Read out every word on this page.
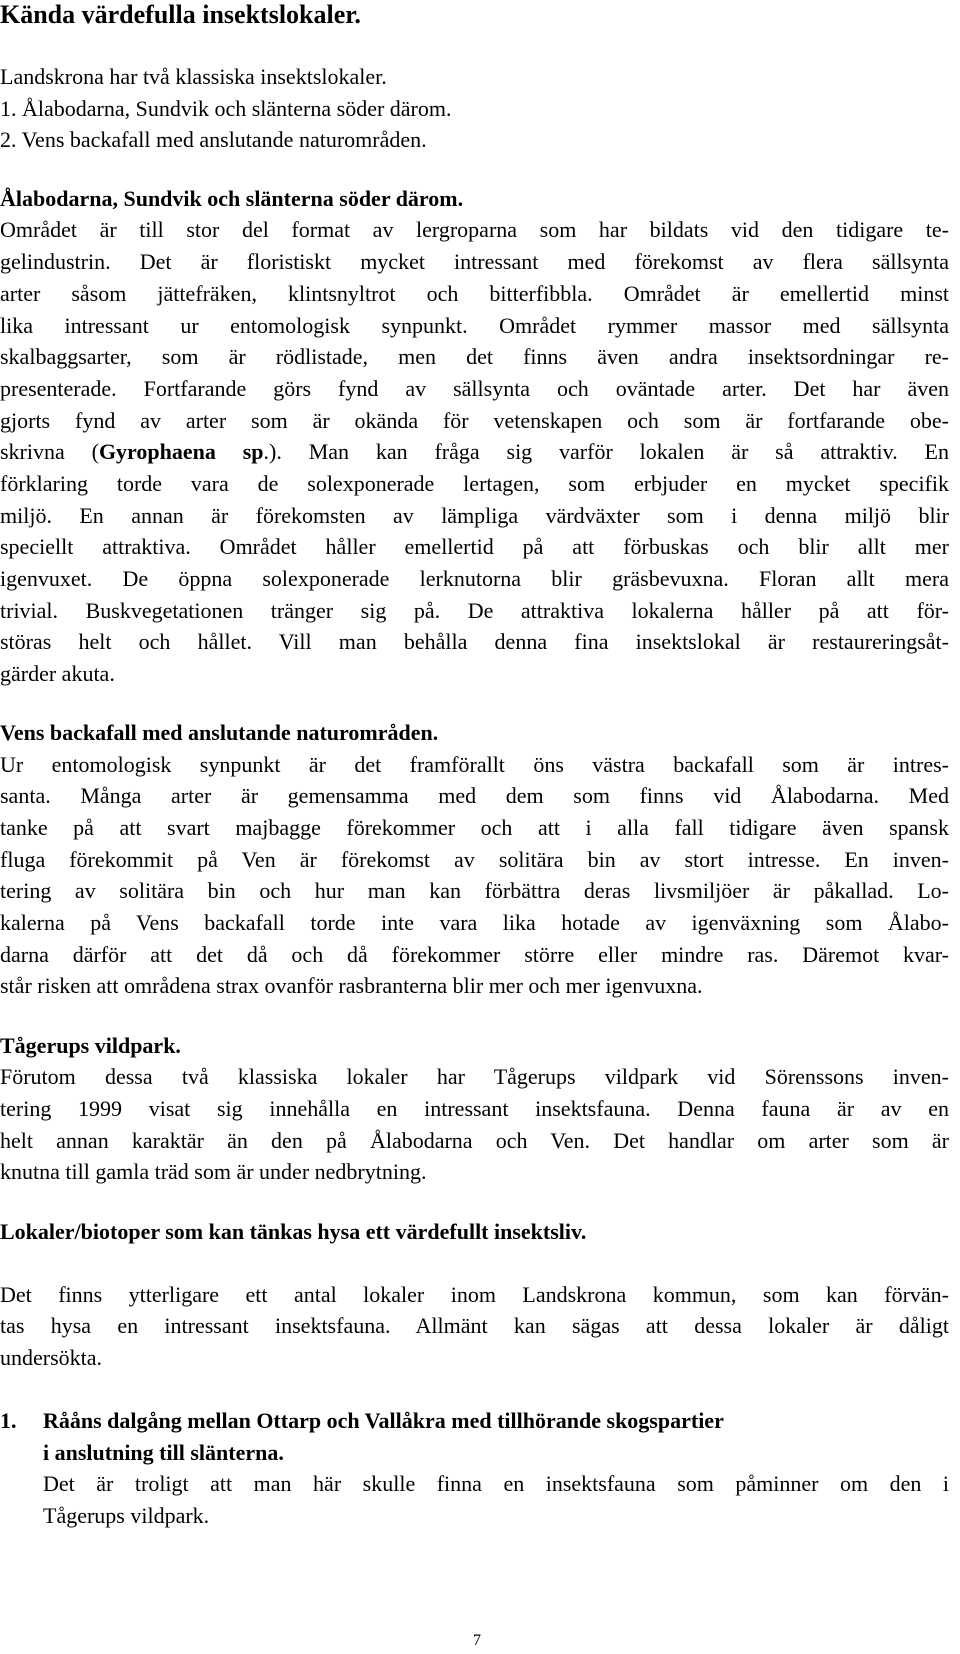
Kända värdefulla insektslokaler.
Landskrona har två klassiska insektslokaler.
1. Ålabodarna, Sundvik och slänterna söder därom.
2. Vens backafall med anslutande naturområden.
Ålabodarna, Sundvik och slänterna söder därom.
Området är till stor del format av lergroparna som har bildats vid den tidigare te-
gelindustrin. Det är floristiskt mycket intressant med förekomst av flera sällsynta
arter såsom jättefräken, klintsnyltrot och bitterfibbla. Området är emellertid minst
lika intressant ur entomologisk synpunkt. Området rymmer massor med sällsynta
skalbaggsarter, som är rödlistade, men det finns även andra insektsordningar re-
presenterade. Fortfarande görs fynd av sällsynta och oväntade arter. Det har även
gjorts fynd av arter som är okända för vetenskapen och som är fortfarande obe-
skrivna (Gyrophaena sp.). Man kan fråga sig varför lokalen är så attraktiv. En
förklaring torde vara de solexponerade lertagen, som erbjuder en mycket specifik
miljö. En annan är förekomsten av lämpliga värdväxter som i denna miljö blir
speciellt attraktiva. Området håller emellertid på att förbuskas och blir allt mer
igenvuxet. De öppna solexponerade lerknutorna blir gräsbevuxna. Floran allt mera
trivial. Buskvegetationen tränger sig på. De attraktiva lokalerna håller på att för-
störas helt och hållet. Vill man behålla denna fina insektslokal är restaureringsåt-
gärder akuta.
Vens backafall med anslutande naturområden.
Ur entomologisk synpunkt är det framförallt öns västra backafall som är intres-
santa. Många arter är gemensamma med dem som finns vid Ålabodarna. Med
tanke på att svart majbagge förekommer och att i alla fall tidigare även spansk
fluga förekommit på Ven är förekomst av solitära bin av stort intresse. En inven-
tering av solitära bin och hur man kan förbättra deras livsmiljöer är påkallad. Lo-
kalerna på Vens backafall torde inte vara lika hotade av igenväxning som Ålabo-
darna därför att det då och då förekommer större eller mindre ras. Däremot kvar-
står risken att områdena strax ovanför rasbranterna blir mer och mer igenvuxna.
Tågerups vildpark.
Förutom dessa två klassiska lokaler har Tågerups vildpark vid Sörenssons inven-
tering 1999 visat sig innehålla en intressant insektsfauna. Denna fauna är av en
helt annan karaktär än den på Ålabodarna och Ven. Det handlar om arter som är
knutna till gamla träd som är under nedbrytning.
Lokaler/biotoper som kan tänkas hysa ett värdefullt insektsliv.
Det finns ytterligare ett antal lokaler inom Landskrona kommun, som kan förvän-
tas hysa en intressant insektsfauna. Allmänt kan sägas att dessa lokaler är dåligt
undersökta.
1. Rååns dalgång mellan Ottarp och Vallåkra med tillhörande skogspartier
i anslutning till slänterna.
Det är troligt att man här skulle finna en insektsfauna som påminner om den i
Tågerups vildpark.
7
